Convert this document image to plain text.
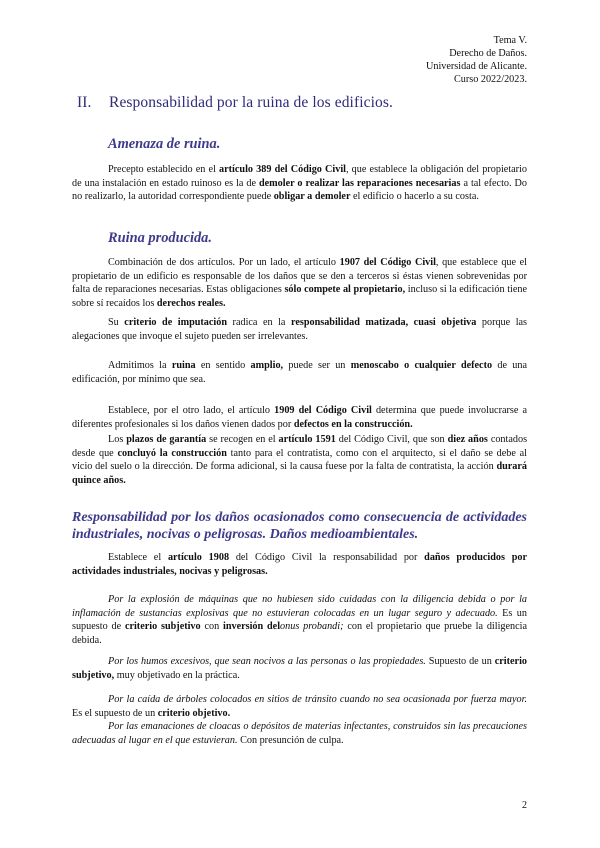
Tema V.
Derecho de Daños.
Universidad de Alicante.
Curso 2022/2023.
II. Responsabilidad por la ruina de los edificios.
Amenaza de ruina.
Precepto establecido en el artículo 389 del Código Civil, que establece la obligación del propietario de una instalación en estado ruinoso es la de demoler o realizar las reparaciones necesarias a tal efecto. Do no realizarlo, la autoridad correspondiente puede obligar a demoler el edificio o hacerlo a su costa.
Ruina producida.
Combinación de dos artículos. Por un lado, el artículo 1907 del Código Civil, que establece que el propietario de un edificio es responsable de los daños que se den a terceros si éstas vienen sobrevenidas por falta de reparaciones necesarias. Estas obligaciones sólo compete al propietario, incluso si la edificación tiene sobre sí recaídos los derechos reales.
Su criterio de imputación radica en la responsabilidad matizada, cuasi objetiva porque las alegaciones que invoque el sujeto pueden ser irrelevantes.
Admitimos la ruina en sentido amplio, puede ser un menoscabo o cualquier defecto de una edificación, por mínimo que sea.
Establece, por el otro lado, el artículo 1909 del Código Civil determina que puede involucrarse a diferentes profesionales si los daños vienen dados por defectos en la construcción.
Los plazos de garantía se recogen en el artículo 1591 del Código Civil, que son diez años contados desde que concluyó la construcción tanto para el contratista, como con el arquitecto, si el daño se debe al vicio del suelo o la dirección. De forma adicional, si la causa fuese por la falta de contratista, la acción durará quince años.
Responsabilidad por los daños ocasionados como consecuencia de actividades industriales, nocivas o peligrosas. Daños medioambientales.
Establece el artículo 1908 del Código Civil la responsabilidad por daños producidos por actividades industriales, nocivas y peligrosas.
Por la explosión de máquinas que no hubiesen sido cuidadas con la diligencia debida o por la inflamación de sustancias explosivas que no estuvieran colocadas en un lugar seguro y adecuado. Es un supuesto de criterio subjetivo con inversión delonus probandi; con el propietario que pruebe la diligencia debida.
Por los humos excesivos, que sean nocivos a las personas o las propiedades. Supuesto de un criterio subjetivo, muy objetivado en la práctica.
Por la caída de árboles colocados en sitios de tránsito cuando no sea ocasionada por fuerza mayor. Es el supuesto de un criterio objetivo.
Por las emanaciones de cloacas o depósitos de materias infectantes, construidos sin las precauciones adecuadas al lugar en el que estuvieran. Con presunción de culpa.
2
